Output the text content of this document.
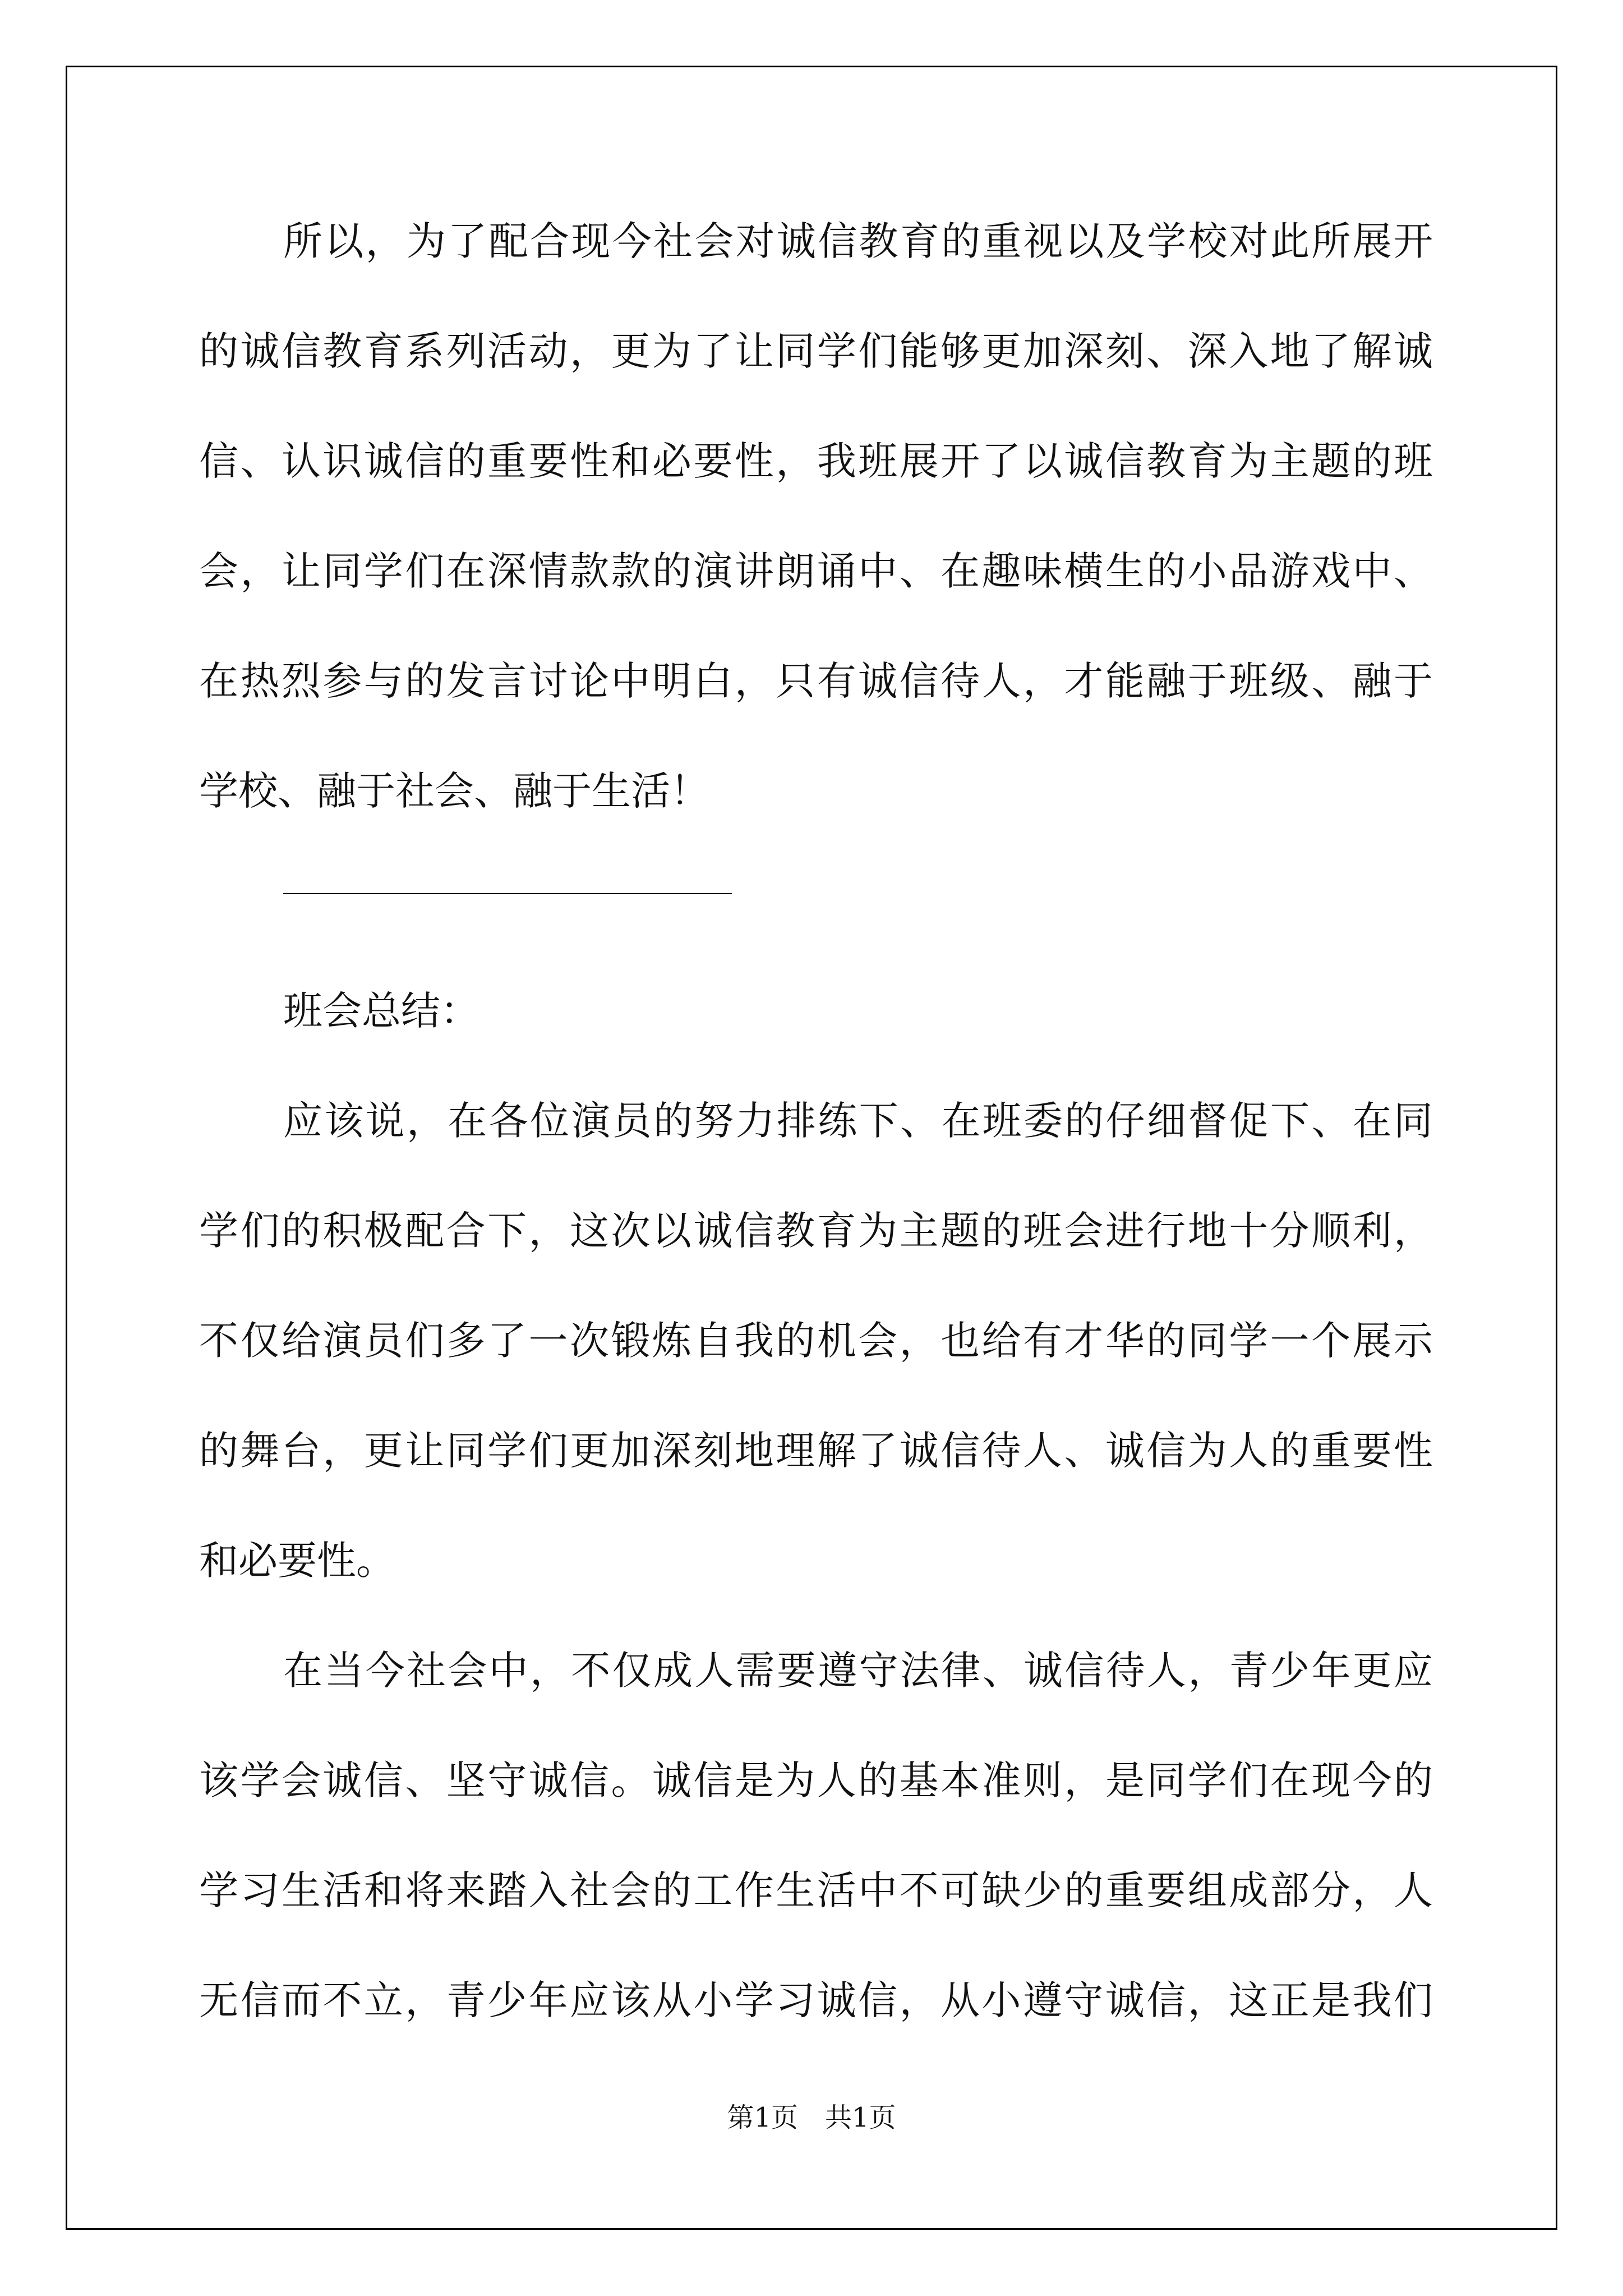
所以，为了配合现今社会对诚信教育的重视以及学校对此所展开
的诚信教育系列活动，更为了让同学们能够更加深刻、深入地了解诚
信、认识诚信的重要性和必要性，我班展开了以诚信教育为主题的班
会，让同学们在深情款款的演讲朗诵中、在趣味横生的小品游戏中、
在热烈参与的发言讨论中明白，只有诚信待人，才能融于班级、融于
学校、融于社会、融于生活！
班会总结：
应该说，在各位演员的努力排练下、在班委的仔细督促下、在同
学们的积极配合下，这次以诚信教育为主题的班会进行地十分顺利，
不仅给演员们多了一次锻炼自我的机会，也给有才华的同学一个展示
的舞台，更让同学们更加深刻地理解了诚信待人、诚信为人的重要性
和必要性。
在当今社会中，不仅成人需要遵守法律、诚信待人，青少年更应
该学会诚信、坚守诚信。诚信是为人的基本准则，是同学们在现今的
学习生活和将来踏入社会的工作生活中不可缺少的重要组成部分，人
无信而不立，青少年应该从小学习诚信，从小遵守诚信，这正是我们
第1页　共1页
